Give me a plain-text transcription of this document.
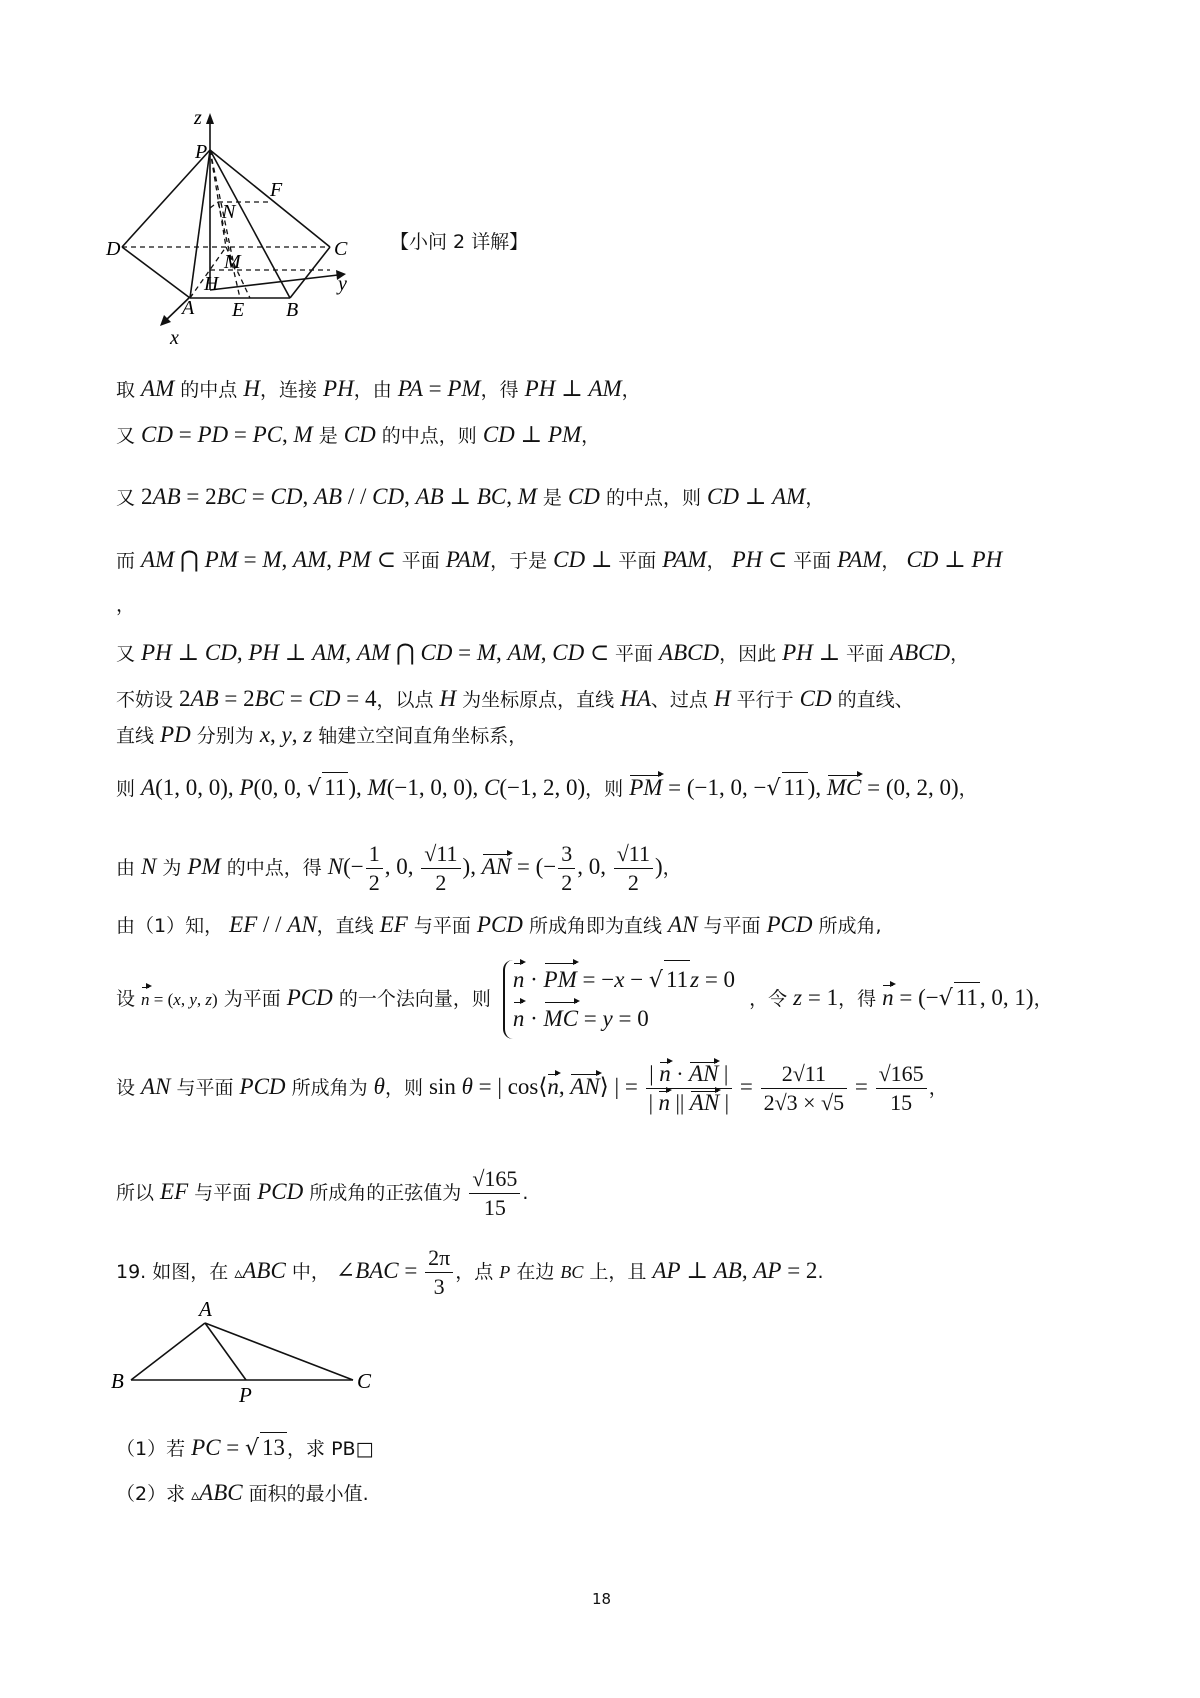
z
P
F
N
D	C
M
H	y
A E B
x
【小问 2 详解】
取 AM 的中点 H，连接 PH，由 PA = PM，得 PH ⊥ AM，
又 CD = PD = PC, M 是 CD 的中点，则 CD ⊥ PM，
又 2AB = 2BC = CD, AB / / CD, AB ⊥ BC, M 是 CD 的中点，则 CD ⊥ AM，
而 AM ⋂ PM = M, AM, PM ⊂ 平面 PAM，于是 CD ⊥ 平面 PAM， PH ⊂ 平面 PAM， CD ⊥ PH
，
又 PH ⊥ CD, PH ⊥ AM, AM ⋂ CD = M, AM, CD ⊂ 平面 ABCD，因此 PH ⊥ 平面 ABCD，
不妨设 2AB = 2BC = CD = 4，以点 H 为坐标原点，直线 HA、过点 H 平行于 CD 的直线、
直线 PD 分别为 x, y, z 轴建立空间直角坐标系，
则 A(1, 0, 0), P(0, 0, √ 11), M(−1, 0, 0), C(−1, 2, 0)，则 PM = (−1, 0, −√ 11), MC = (0, 2, 0)，
由 N 为 PM 的中点，得 $N(- \frac{1}{2}$ , 0, $\frac{√11}{2}$ ), AN = (− $\frac{3}{2}$ , 0, $\frac{√11}{2}$ )，
由（1）知， EF / / AN，直线 EF 与平面 PCD 所成角即为直线 AN 与平面 PCD 所成角,
设 n = (x, y, z) 为平面 PCD 的一个法向量，则
n · PM = −x − √ 11z = 0
n · MC = y = 0
，令 z = 1，得 n = (−√ 11, 0, 1)，
设 AN 与平面 PCD 所成角为 θ，则 sin θ = | cos⟨n, AN⟩ | = $\frac{| n \cdot AN |}{| n || AN |} = \frac{2√11}{2√3 \times √5} = \frac{√165}{15}$ ，
所以 EF 与平面 PCD 所成角的正弦值为 $\frac{√165}{15}$ .
19. 如图，在 ▵ABC 中， ∠BAC = $\frac{2\pi}{3}$ ，点 P 在边 BC 上，且 AP ⊥ AB, AP = 2.
A
B
P
C
（1）若 PC = √ 13 ，求 PB□
（2）求 ▵ABC 面积的最小值.
18
